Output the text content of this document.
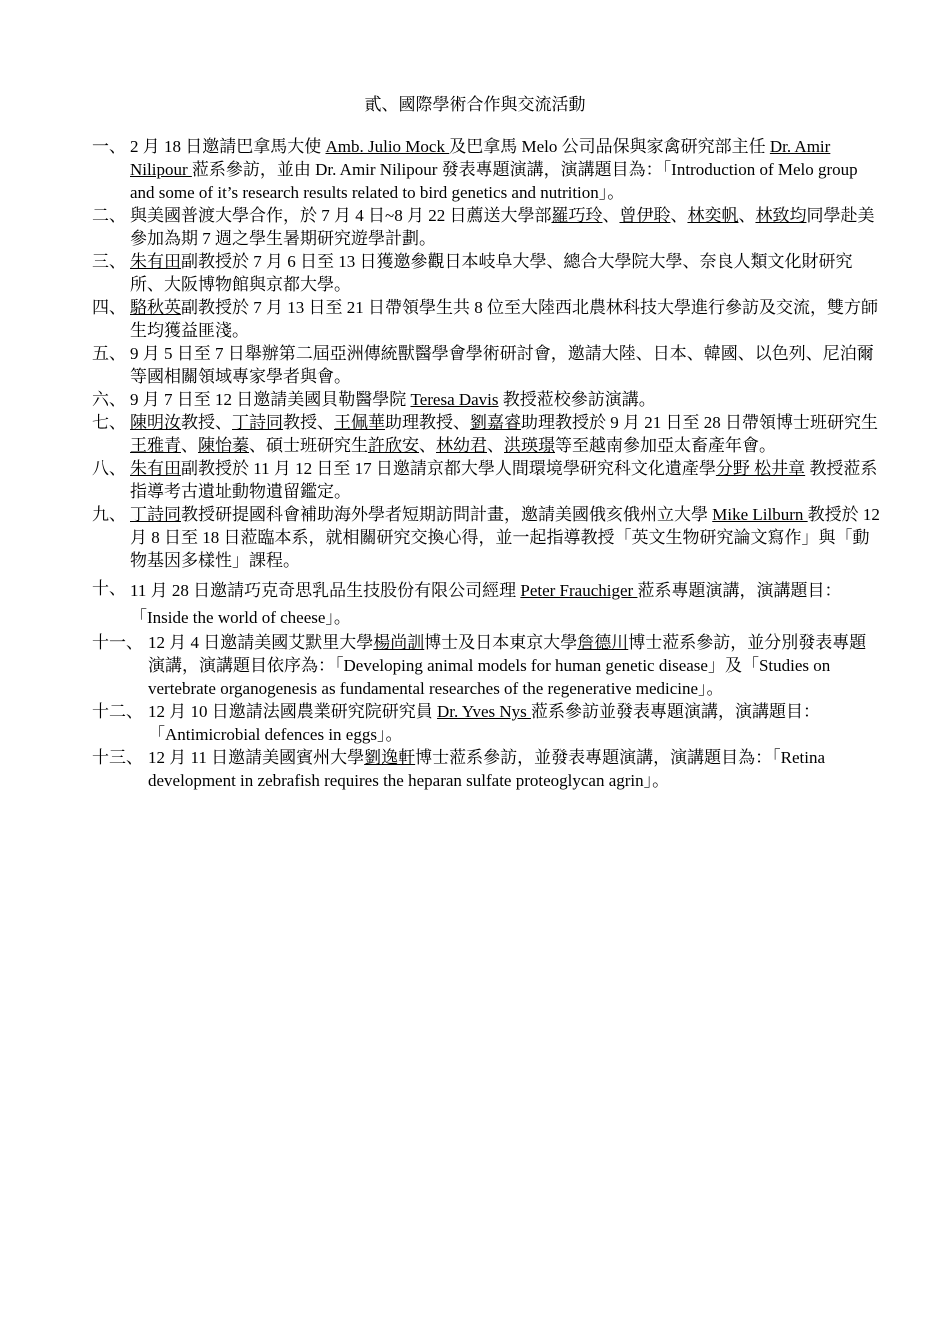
貳、國際學術合作與交流活動
一、 2 月 18 日邀請巴拿馬大使 Amb. Julio Mock 及巴拿馬 Melo 公司品保與家禽研究部主任 Dr. Amir Nilipour 蒞系參訪，並由 Dr. Amir Nilipour 發表專題演講，演講題目為：「Introduction of Melo group and some of it’s research results related to bird genetics and nutrition」。
二、 與美國普渡大學合作，於 7 月 4 日~8 月 22 日薦送大學部羅巧玲、曾伊聆、林奕帆、林致均同學赴美參加為期 7 週之學生暑期研究遊學計劃。
三、 朱有田副教授於 7 月 6 日至 13 日獲邀參觀日本岐阜大學、總合大學院大學、奈良人類文化財研究所、大阪博物館與京都大學。
四、 駱秋英副教授於 7 月 13 日至 21 日帶領學生共 8 位至大陸西北農林科技大學進行參訪及交流，雙方師生均獲益匪淺。
五、 9 月 5 日至 7 日舉辦第二屆亞洲傳統獸醫學會學術研討會，邀請大陸、日本、韓國、以色列、尼泊爾等國相關領域專家學者與會。
六、 9 月 7 日至 12 日邀請美國貝勒醫學院 Teresa Davis 教授蒞校參訪演講。
七、 陳明汝教授、丁詩同教授、王佩華助理教授、劉嘉睿助理教授於 9 月 21 日至 28 日帶領博士班研究生王雅青、陳怡蓁、碩士班研究生許欣安、林幼君、洪瑛璟等至越南參加亞太畜產年會。
八、 朱有田副教授於 11 月 12 日至 17 日邀請京都大學人間環境學研究科文化遺產學分野 松井章 教授蒞系指導考古遺址動物遺留鑑定。
九、 丁詩同教授研提國科會補助海外學者短期訪問計畫，邀請美國俄亥俄州立大學 Mike Lilburn 教授於 12 月 8 日至 18 日蒞臨本系，就相關研究交換心得，並一起指導教授「英文生物研究論文寫作」與「動物基因多樣性」課程。
十、 11 月 28 日邀請巧克奇思乳品生技股份有限公司經理 Peter Frauchiger 蒞系專題演講，演講題目：「Inside the world of cheese」。
十一、 12 月 4 日邀請美國艾默里大學楊尚訓博士及日本東京大學詹德川博士蒞系參訪，並分別發表專題演講，演講題目依序為：「Developing animal models for human genetic disease」及「Studies on vertebrate organogenesis as fundamental researches of the regenerative medicine」。
十二、 12 月 10 日邀請法國農業研究院研究員 Dr. Yves Nys 蒞系參訪並發表專題演講，演講題目：「Antimicrobial defences in eggs」。
十三、 12 月 11 日邀請美國賓州大學劉逸軒博士蒞系參訪，並發表專題演講，演講題目為：「Retina development in zebrafish requires the heparan sulfate proteoglycan agrin」。
